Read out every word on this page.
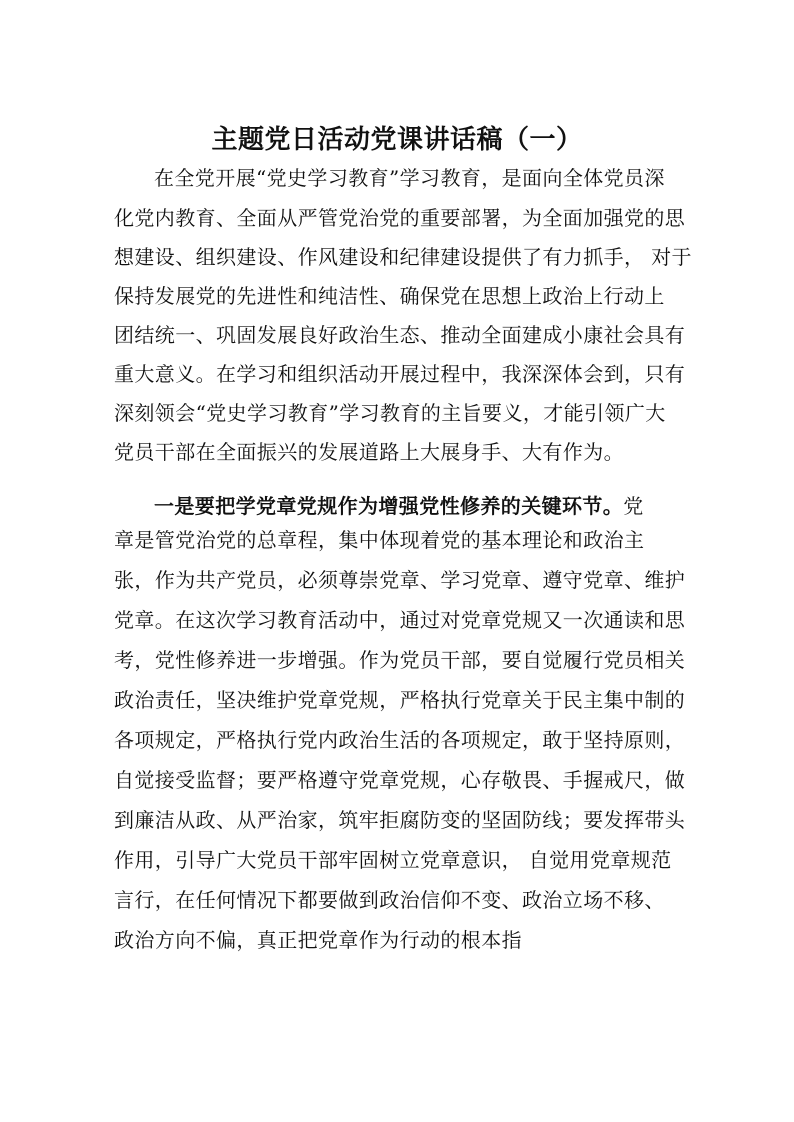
主题党日活动党课讲话稿（一）
在全党开展“党史学习教育”学习教育，是面向全体党员深
化党内教育、全面从严管党治党的重要部署，为全面加强党的思
想建设、组织建设、作风建设和纪律建设提供了有力抓手， 对于
保持发展党的先进性和纯洁性、确保党在思想上政治上行动上
团结统一、巩固发展良好政治生态、推动全面建成小康社会具有
重大意义。在学习和组织活动开展过程中，我深深体会到，只有
深刻领会“党史学习教育”学习教育的主旨要义，才能引领广大
党员干部在全面振兴的发展道路上大展身手、大有作为。
一是要把学党章党规作为增强党性修养的关键环节。党
章是管党治党的总章程，集中体现着党的基本理论和政治主
张，作为共产党员，必须尊崇党章、学习党章、遵守党章、维护
党章。在这次学习教育活动中，通过对党章党规又一次通读和思
考，党性修养进一步增强。作为党员干部，要自觉履行党员相关
政治责任，坚决维护党章党规，严格执行党章关于民主集中制的
各项规定，严格执行党内政治生活的各项规定，敢于坚持原则，
自觉接受监督；要严格遵守党章党规，心存敬畏、手握戒尺，做
到廉洁从政、从严治家，筑牢拒腐防变的坚固防线；要发挥带头
作用，引导广大党员干部牢固树立党章意识， 自觉用党章规范
言行，在任何情况下都要做到政治信仰不变、政治立场不移、
政治方向不偏，真正把党章作为行动的根本指
